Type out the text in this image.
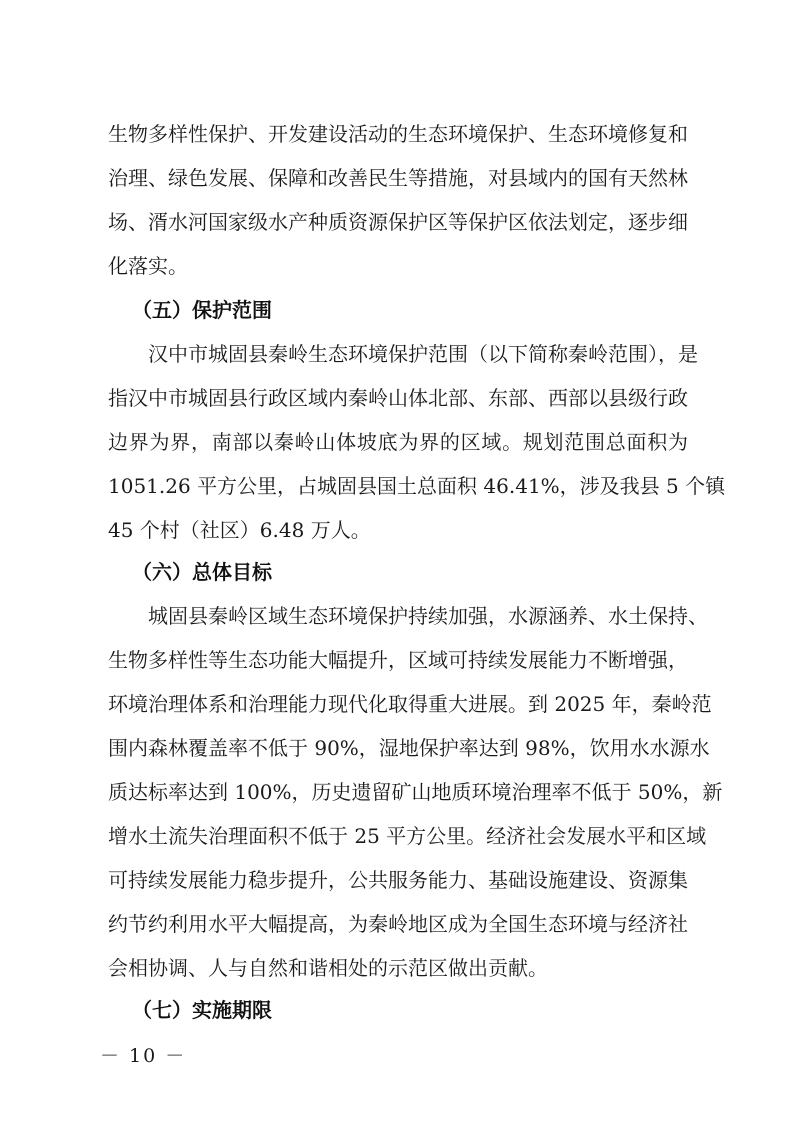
生物多样性保护、开发建设活动的生态环境保护、生态环境修复和
治理、绿色发展、保障和改善民生等措施，对县域内的国有天然林
场、湑水河国家级水产种质资源保护区等保护区依法划定，逐步细
化落实。
（五）保护范围
汉中市城固县秦岭生态环境保护范围（以下简称秦岭范围），是
指汉中市城固县行政区域内秦岭山体北部、东部、西部以县级行政
边界为界，南部以秦岭山体坡底为界的区域。规划范围总面积为
1051.26 平方公里，占城固县国土总面积 46.41%，涉及我县 5 个镇
45 个村（社区）6.48 万人。
（六）总体目标
城固县秦岭区域生态环境保护持续加强，水源涵养、水土保持、
生物多样性等生态功能大幅提升，区域可持续发展能力不断增强，
环境治理体系和治理能力现代化取得重大进展。到 2025 年，秦岭范
围内森林覆盖率不低于 90%，湿地保护率达到 98%，饮用水水源水
质达标率达到 100%，历史遗留矿山地质环境治理率不低于 50%，新
增水土流失治理面积不低于 25 平方公里。经济社会发展水平和区域
可持续发展能力稳步提升，公共服务能力、基础设施建设、资源集
约节约利用水平大幅提高，为秦岭地区成为全国生态环境与经济社
会相协调、人与自然和谐相处的示范区做出贡献。
（七）实施期限
－ 10 －
